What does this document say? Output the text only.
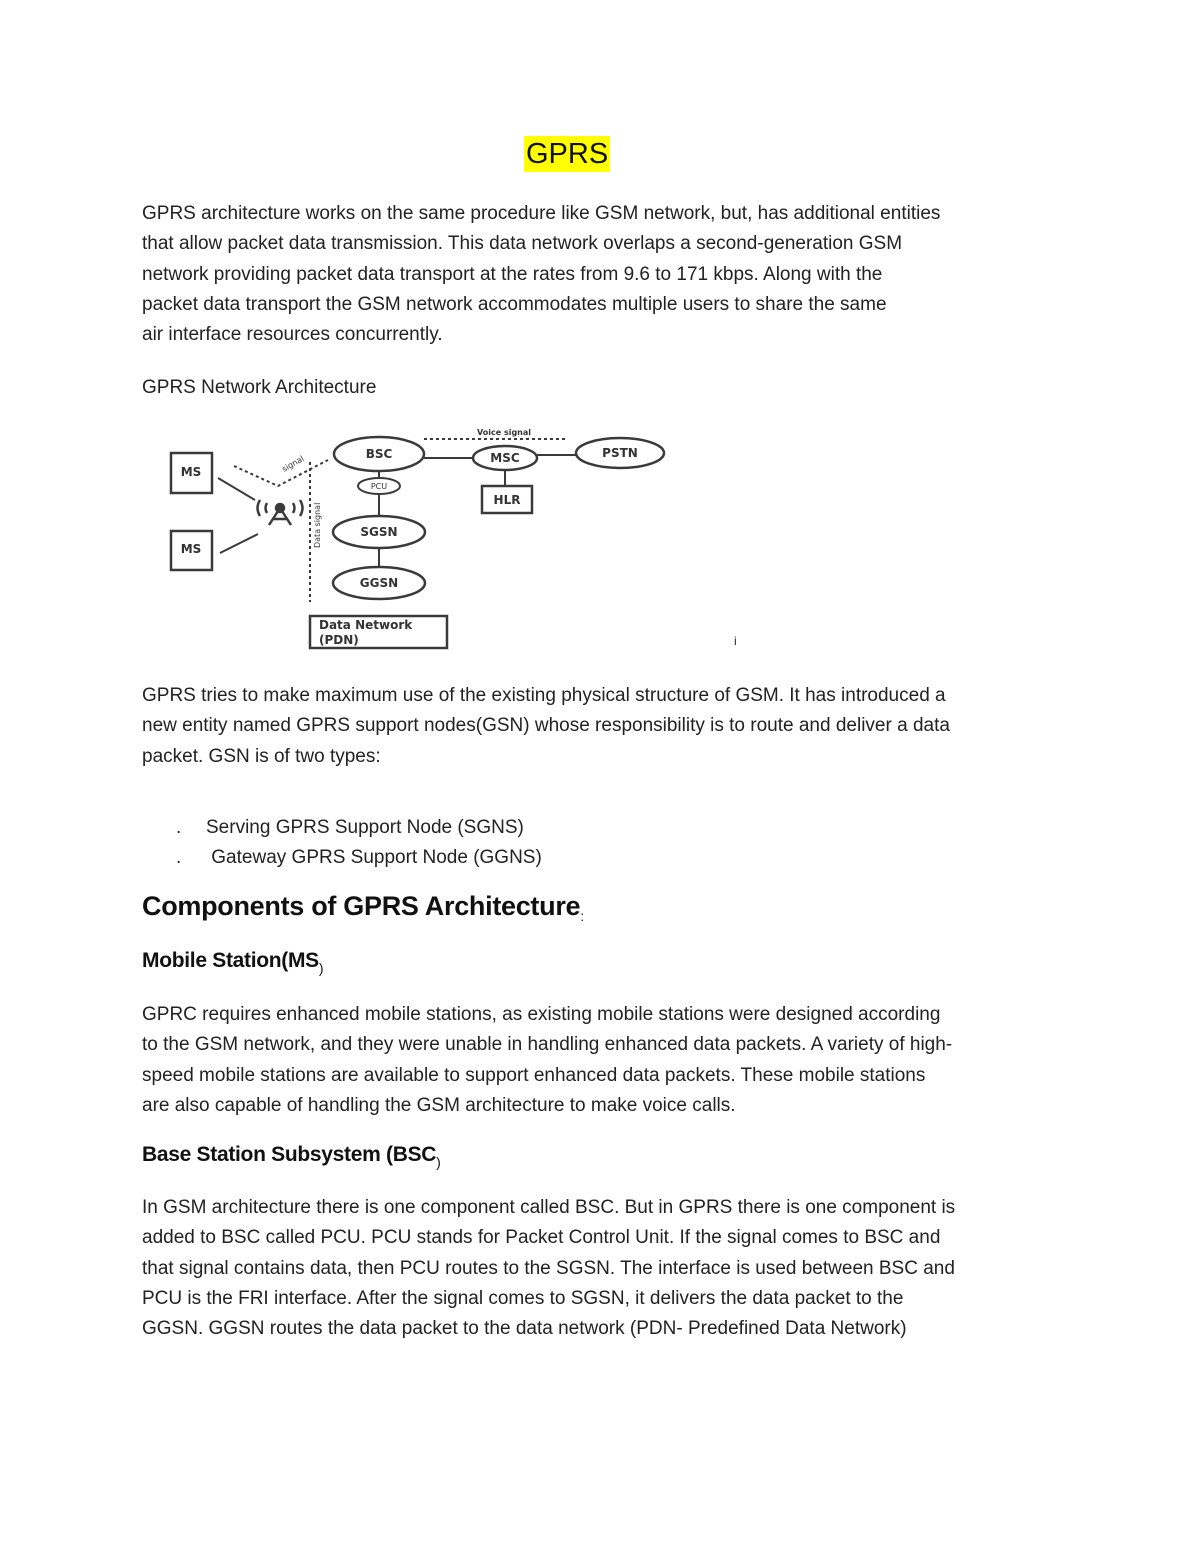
GPRS

GPRS architecture works on the same procedure like GSM network, but, has additional entities
that allow packet data transmission. This data network overlaps a second-generation GSM
network providing packet data transport at the rates from 9.6 to 171 kbps. Along with the
packet data transport the GSM network accommodates multiple users to share the same
air interface resources concurrently.

GPRS Network Architecture
MS
MS
signal
Data signal
BSC
PCU
SGSN
GGSN
Data Network
(PDN)
Voice signal
MSC
HLR
PSTN
i

GPRS tries to make maximum use of the existing physical structure of GSM. It has introduced a
new entity named GPRS support nodes(GSN) whose responsibility is to route and deliver a data
packet. GSN is of two types:

. Serving GPRS Support Node (SGNS)
. Gateway GPRS Support Node (GGNS)
Components of GPRS Architecture$_:$
Mobile $Station(MS_)$

GPRC requires enhanced mobile stations, as existing mobile stations were designed according
to the GSM network, and they were unable in handling enhanced data packets. A variety of high-
speed mobile stations are available to support enhanced data packets. These mobile stations
are also capable of handling the GSM architecture to make voice calls.

Base Station Subsystem ($BSC_)$

In GSM architecture there is one component called BSC. But in GPRS there is one component is
added to BSC called PCU. PCU stands for Packet Control Unit. If the signal comes to BSC and
that signal contains data, then PCU routes to the SGSN. The interface is used between BSC and
PCU is the FRI interface. After the signal comes to SGSN, it delivers the data packet to the
GGSN. GGSN routes the data packet to the data network (PDN- Predefined Data Network)
